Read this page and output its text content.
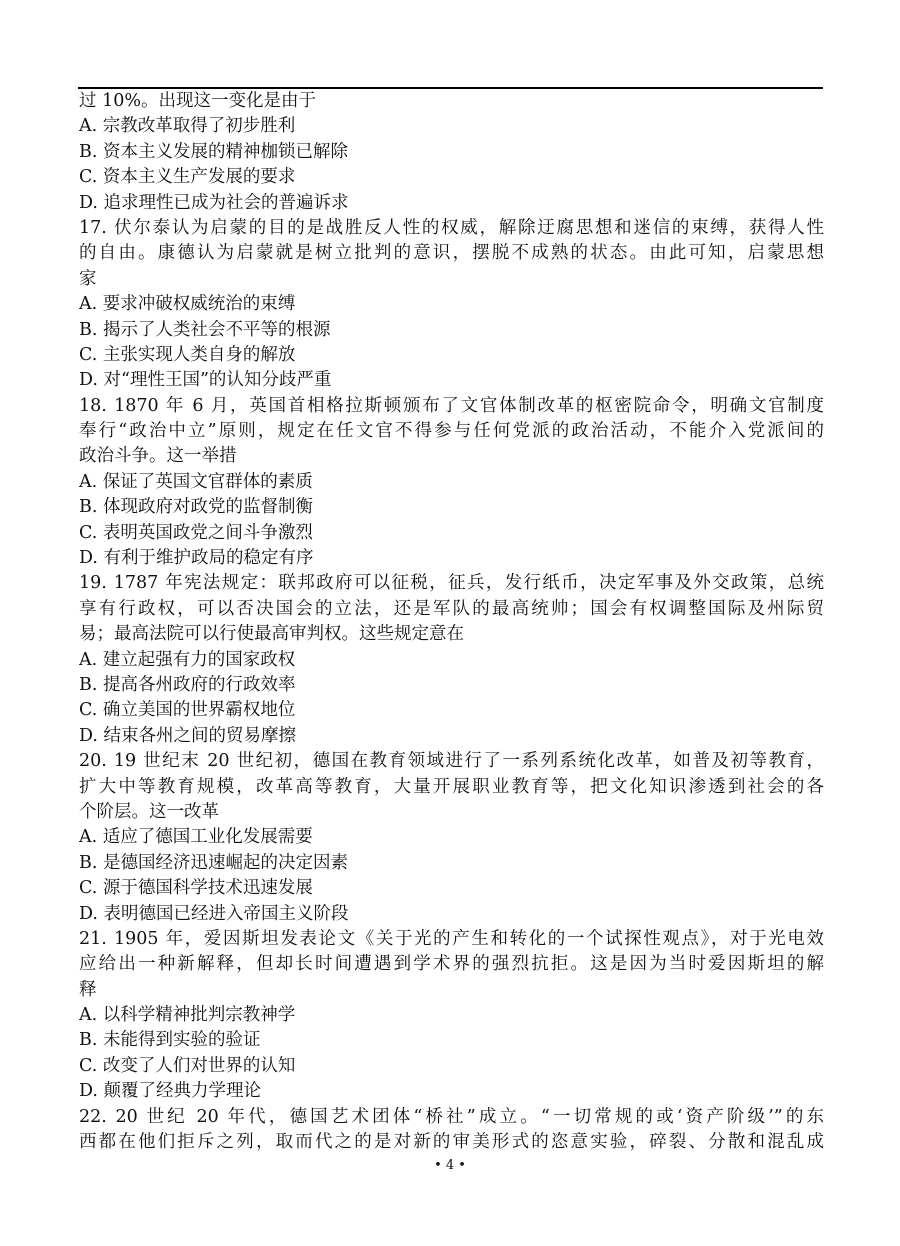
过 10%。出现这一变化是由于
A. 宗教改革取得了初步胜利
B. 资本主义发展的精神枷锁已解除
C. 资本主义生产发展的要求
D. 追求理性已成为社会的普遍诉求
17. 伏尔泰认为启蒙的目的是战胜反人性的权威，解除迂腐思想和迷信的束缚，获得人性
的自由。康德认为启蒙就是树立批判的意识，摆脱不成熟的状态。由此可知，启蒙思想
家
A. 要求冲破权威统治的束缚
B. 揭示了人类社会不平等的根源
C. 主张实现人类自身的解放
D. 对“理性王国”的认知分歧严重
18. 1870 年 6 月，英国首相格拉斯顿颁布了文官体制改革的枢密院命令，明确文官制度
奉行“政治中立”原则，规定在任文官不得参与任何党派的政治活动，不能介入党派间的
政治斗争。这一举措
A. 保证了英国文官群体的素质
B. 体现政府对政党的监督制衡
C. 表明英国政党之间斗争激烈
D. 有利于维护政局的稳定有序
19. 1787 年宪法规定：联邦政府可以征税，征兵，发行纸币，决定军事及外交政策，总统
享有行政权，可以否决国会的立法，还是军队的最高统帅；国会有权调整国际及州际贸
易；最高法院可以行使最高审判权。这些规定意在
A. 建立起强有力的国家政权
B. 提高各州政府的行政效率
C. 确立美国的世界霸权地位
D. 结束各州之间的贸易摩擦
20. 19 世纪末 20 世纪初，德国在教育领域进行了一系列系统化改革，如普及初等教育，
扩大中等教育规模，改革高等教育，大量开展职业教育等，把文化知识渗透到社会的各
个阶层。这一改革
A. 适应了德国工业化发展需要
B. 是德国经济迅速崛起的决定因素
C. 源于德国科学技术迅速发展
D. 表明德国已经进入帝国主义阶段
21. 1905 年，爱因斯坦发表论文《关于光的产生和转化的一个试探性观点》，对于光电效
应给出一种新解释，但却长时间遭遇到学术界的强烈抗拒。这是因为当时爱因斯坦的解
释
A. 以科学精神批判宗教神学
B. 未能得到实验的验证
C. 改变了人们对世界的认知
D. 颠覆了经典力学理论
22. 20 世纪 20 年代，德国艺术团体“桥社”成立。“一切常规的或‘资产阶级’”的东
西都在他们拒斥之列，取而代之的是对新的审美形式的恣意实验，碎裂、分散和混乱成
• 4 •
